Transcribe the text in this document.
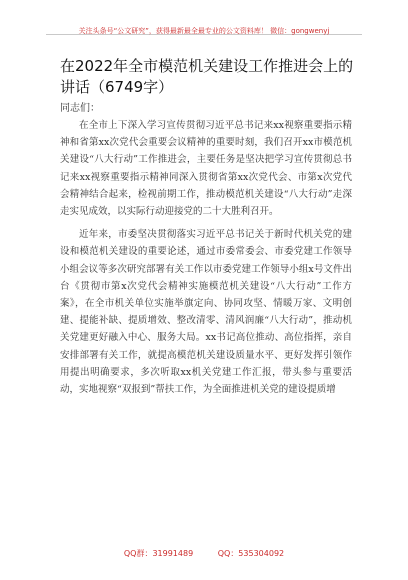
关注头条号“公文研究”，获得最新最全最专业的公文资料库！ 微信：gongwenyj
在2022年全市模范机关建设工作推进会上的讲话（6749字）
同志们：

在全市上下深入学习宣传贯彻习近平总书记来xx视察重要指示精神和省第xx次党代会重要会议精神的重要时刻，我们召开xx市模范机关建设“八大行动”工作推进会，主要任务是坚决把学习宣传贯彻总书记来xx视察重要指示精神同深入贯彻省第xx次党代会、市第x次党代会精神结合起来，检视前期工作，推动模范机关建设“八大行动”走深走实见成效，以实际行动迎接党的二十大胜利召开。

近年来，市委坚决贯彻落实习近平总书记关于新时代机关党的建设和模范机关建设的重要论述，通过市委常委会、市委党建工作领导小组会议等多次研究部署有关工作以市委党建工作领导小组x号文件出台《贯彻市第x次党代会精神实施模范机关建设“八大行动”工作方案》，在全市机关单位实施举旗定向、协同攻坚、情暖万家、文明创建、提能补缺、提质增效、整改清零、清风润廉“八大行动”，推动机关党建更好融入中心、服务大局。xx书记高位推动、高位指挥，亲自安排部署有关工作，就提高模范机关建设质量水平、更好发挥引领作用提出明确要求，多次听取xx机关党建工作汇报，带头参与重要活动，实地视察“双报到”帮扶工作，为全面推进机关党的建设提质增

QQ群：31991489	QQ：535304092
